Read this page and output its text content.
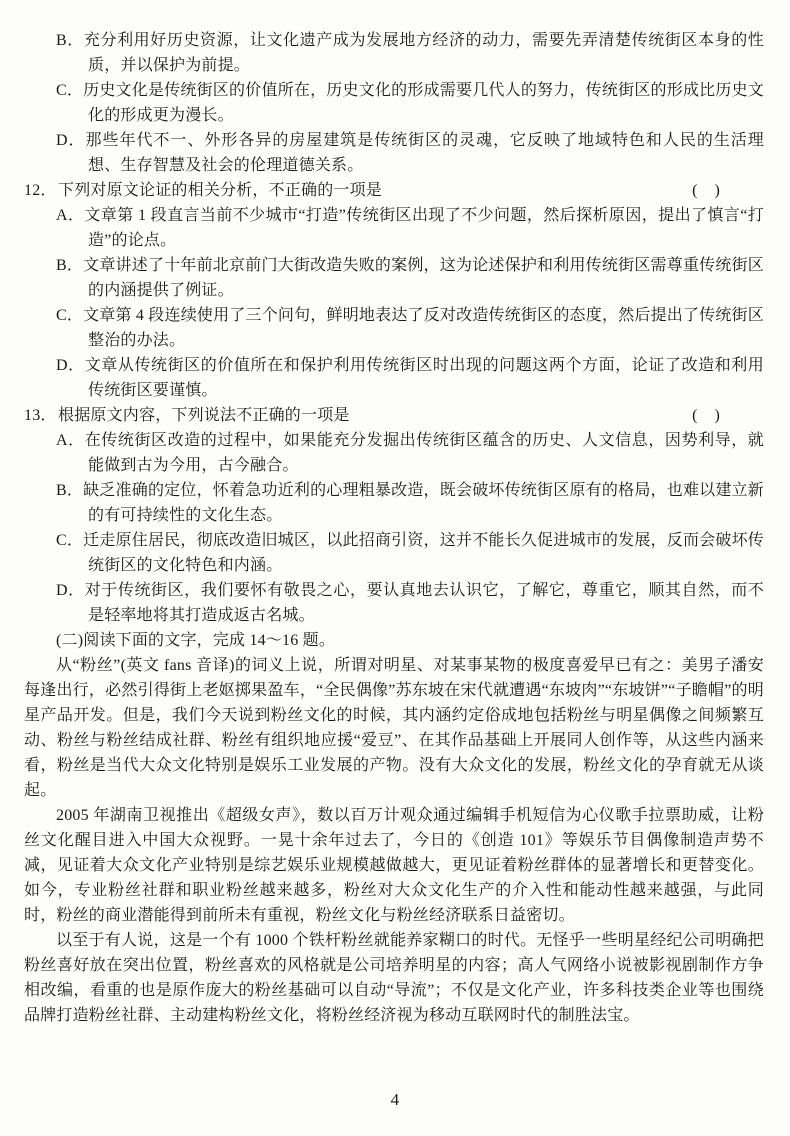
B．充分利用好历史资源，让文化遗产成为发展地方经济的动力，需要先弄清楚传统街区本身的性质，并以保护为前提。
C．历史文化是传统街区的价值所在，历史文化的形成需要几代人的努力，传统街区的形成比历史文化的形成更为漫长。
D．那些年代不一、外形各异的房屋建筑是传统街区的灵魂，它反映了地域特色和人民的生活理想、生存智慧及社会的伦理道德关系。
12． 下列对原文论证的相关分析，不正确的一项是	(    )
A．文章第 1 段直言当前不少城市“打造”传统街区出现了不少问题，然后探析原因，提出了慎言“打造”的论点。
B．文章讲述了十年前北京前门大街改造失败的案例，这为论述保护和利用传统街区需尊重传统街区的内涵提供了例证。
C．文章第 4 段连续使用了三个问句，鲜明地表达了反对改造传统街区的态度，然后提出了传统街区整治的办法。
D．文章从传统街区的价值所在和保护利用传统街区时出现的问题这两个方面，论证了改造和利用传统街区要谨慎。
13． 根据原文内容，下列说法不正确的一项是	(    )
A．在传统街区改造的过程中，如果能充分发掘出传统街区蕴含的历史、人文信息，因势利导，就能做到古为今用，古今融合。
B．缺乏准确的定位，怀着急功近利的心理粗暴改造，既会破坏传统街区原有的格局，也难以建立新的有可持续性的文化生态。
C．迁走原住居民，彻底改造旧城区，以此招商引资，这并不能长久促进城市的发展，反而会破坏传统街区的文化特色和内涵。
D．对于传统街区，我们要怀有敬畏之心，要认真地去认识它，了解它，尊重它，顺其自然，而不是轻率地将其打造成返古名城。
(二)阅读下面的文字，完成 14～16 题。

从“粉丝”(英文 fans 音译)的词义上说，所谓对明星、对某事某物的极度喜爱早已有之：美男子潘安每逢出行，必然引得街上老妪掷果盈车，“全民偶像”苏东坡在宋代就遭遇“东坡肉”“东坡饼”“子瞻帽”的明星产品开发。但是，我们今天说到粉丝文化的时候，其内涵约定俗成地包括粉丝与明星偶像之间频繁互动、粉丝与粉丝结成社群、粉丝有组织地应援“爱豆”、在其作品基础上开展同人创作等，从这些内涵来看，粉丝是当代大众文化特别是娱乐工业发展的产物。没有大众文化的发展，粉丝文化的孕育就无从谈起。

2005 年湖南卫视推出《超级女声》，数以百万计观众通过编辑手机短信为心仪歌手拉票助威，让粉丝文化醒目进入中国大众视野。一晃十余年过去了，今日的《创造 101》等娱乐节目偶像制造声势不减，见证着大众文化产业特别是综艺娱乐业规模越做越大，更见证着粉丝群体的显著增长和更替变化。如今，专业粉丝社群和职业粉丝越来越多，粉丝对大众文化生产的介入性和能动性越来越强，与此同时，粉丝的商业潜能得到前所未有重视，粉丝文化与粉丝经济联系日益密切。

以至于有人说，这是一个有 1000 个铁杆粉丝就能养家糊口的时代。无怪乎一些明星经纪公司明确把粉丝喜好放在突出位置，粉丝喜欢的风格就是公司培养明星的内容；高人气网络小说被影视剧制作方争相改编，看重的也是原作庞大的粉丝基础可以自动“导流”；不仅是文化产业，许多科技类企业等也围绕品牌打造粉丝社群、主动建构粉丝文化，将粉丝经济视为移动互联网时代的制胜法宝。

4
